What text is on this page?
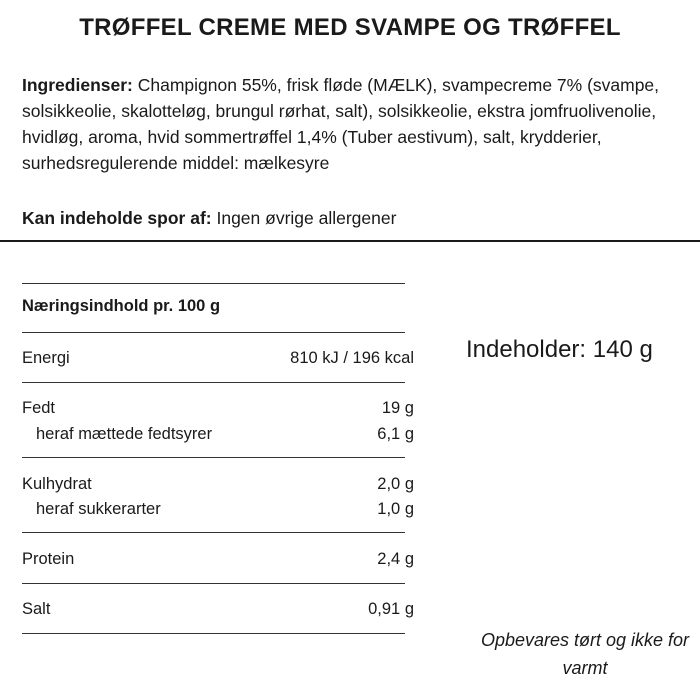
TRØFFEL CREME MED SVAMPE OG TRØFFEL
Ingredienser: Champignon 55%, frisk fløde (MÆLK), svampecreme 7% (svampe, solsikkeolie, skalotteløg, brungul rørhat, salt), solsikkeolie, ekstra jomfruolivenolie, hvidløg, aroma, hvid sommertrøffel 1,4% (Tuber aestivum), salt, krydderier, surhedsregulerende middel: mælkesyre
Kan indeholde spor af: Ingen øvrige allergener
Næringsindhold pr. 100 g
Energi	810 kJ / 196 kcal
Fedt	19 g
heraf mættede fedtsyrer	6,1 g
Kulhydrat	2,0 g
heraf sukkerarter	1,0 g
Protein	2,4 g
Salt	0,91 g
Indeholder: 140 g
Opbevares tørt og ikke for varmt
